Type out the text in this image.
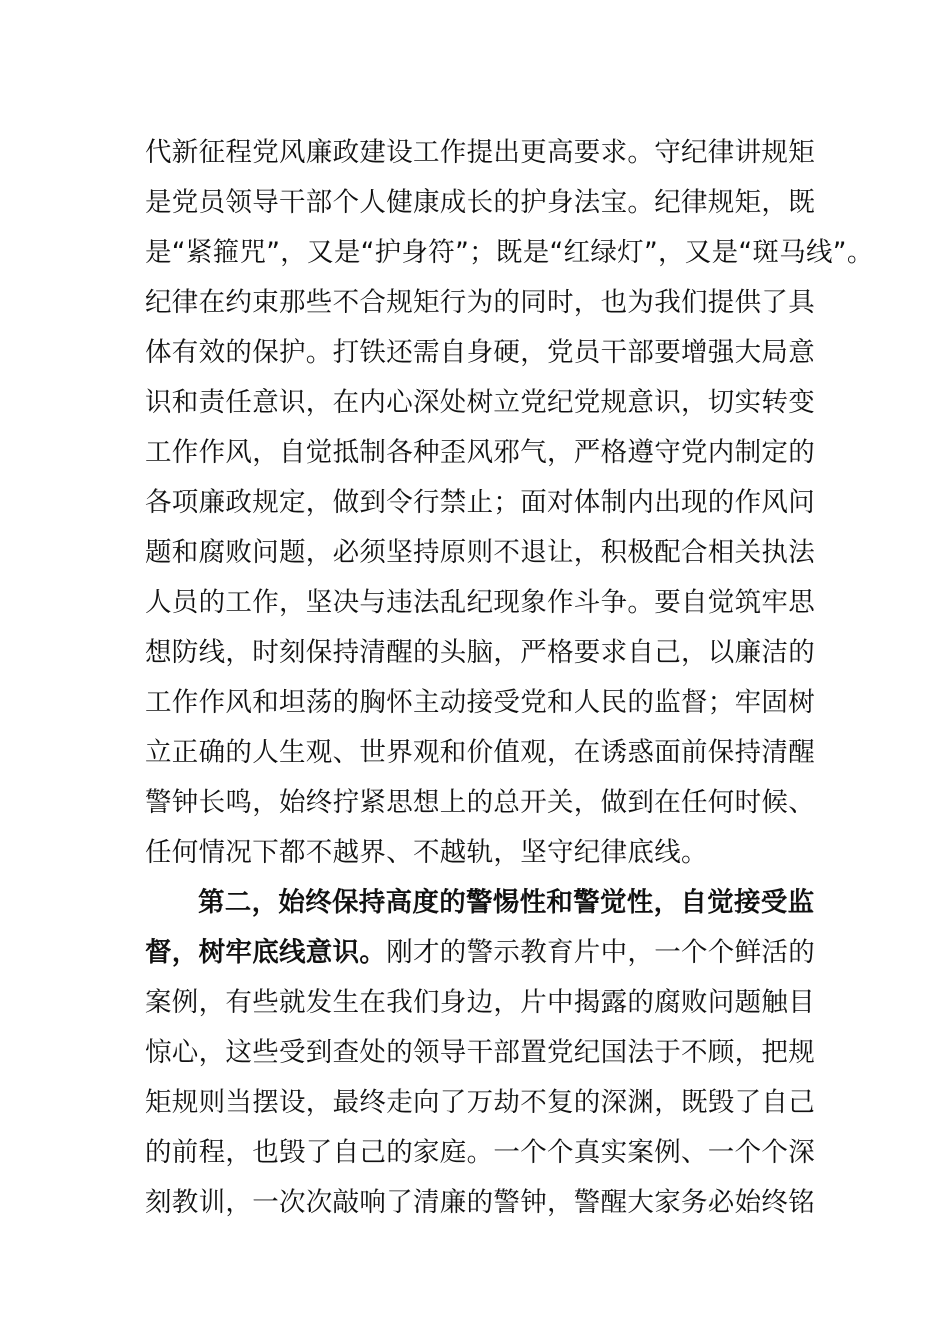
代新征程党风廉政建设工作提出更高要求。守纪律讲规矩
是党员领导干部个人健康成长的护身法宝。纪律规矩，既
是“紧箍咒”，又是“护身符”；既是“红绿灯”，又是“斑马线”。
纪律在约束那些不合规矩行为的同时，也为我们提供了具
体有效的保护。打铁还需自身硬，党员干部要增强大局意
识和责任意识，在内心深处树立党纪党规意识，切实转变
工作作风，自觉抵制各种歪风邪气，严格遵守党内制定的
各项廉政规定，做到令行禁止；面对体制内出现的作风问
题和腐败问题，必须坚持原则不退让，积极配合相关执法
人员的工作，坚决与违法乱纪现象作斗争。要自觉筑牢思
想防线，时刻保持清醒的头脑，严格要求自己，以廉洁的
工作作风和坦荡的胸怀主动接受党和人民的监督；牢固树
立正确的人生观、世界观和价值观，在诱惑面前保持清醒
警钟长鸣，始终拧紧思想上的总开关，做到在任何时候、
任何情况下都不越界、不越轨，坚守纪律底线。
第二，始终保持高度的警惕性和警觉性，自觉接受监
督，树牢底线意识。刚才的警示教育片中，一个个鲜活的
案例，有些就发生在我们身边，片中揭露的腐败问题触目
惊心，这些受到查处的领导干部置党纪国法于不顾，把规
矩规则当摆设，最终走向了万劫不复的深渊，既毁了自己
的前程，也毁了自己的家庭。一个个真实案例、一个个深
刻教训，一次次敲响了清廉的警钟，警醒大家务必始终铭
